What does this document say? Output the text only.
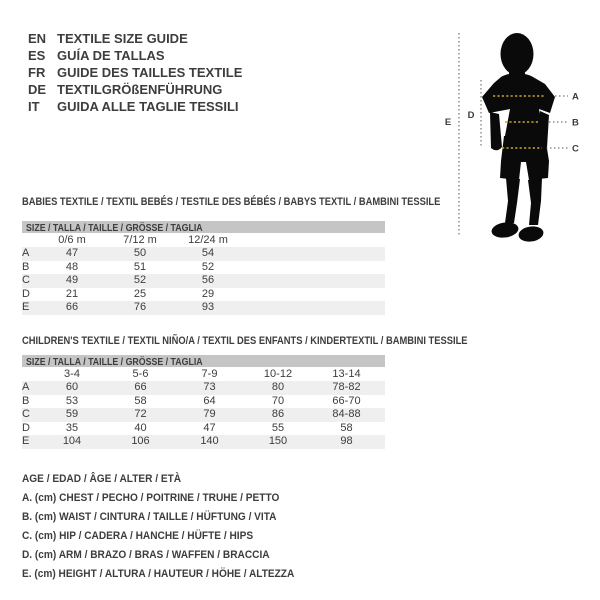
EN TEXTILE SIZE GUIDE
ES GUÍA DE TALLAS
FR GUIDE DES TAILLES TEXTILE
DE TEXTILGRÖßENFÜHRUNG
IT GUIDA ALLE TAGLIE TESSILI
E
D
A
B
C
BABIES TEXTILE / TEXTIL BEBÉS / TESTILE DES BÉBÉS / BABYS TEXTIL / BAMBINI TESSILE
SIZE / TALLA / TAILLE / GRÖSSE / TAGLIA
	0/6 m	7/12 m	12/24 m	
A	47	50	54	
B	48	51	52	
C	49	52	56	
D	21	25	29	
E	66	76	93	
CHILDREN'S TEXTILE / TEXTIL NIÑO/A / TEXTIL DES ENFANTS / KINDERTEXTIL / BAMBINI TESSILE
SIZE / TALLA / TAILLE / GRÖSSE / TAGLIA
	3-4	5-6	7-9	10-12	13-14	
A	60	66	73	80	78-82	
B	53	58	64	70	66-70	
C	59	72	79	86	84-88	
D	35	40	47	55	58	
E	104	106	140	150	98	
AGE / EDAD / ÂGE / ALTER / ETÀ
A. (cm) CHEST / PECHO / POITRINE / TRUHE / PETTO
B. (cm) WAIST / CINTURA / TAILLE / HÜFTUNG / VITA
C. (cm) HIP / CADERA / HANCHE / HÜFTE / HIPS
D. (cm) ARM / BRAZO / BRAS / WAFFEN / BRACCIA
E. (cm) HEIGHT / ALTURA / HAUTEUR / HÖHE / ALTEZZA
